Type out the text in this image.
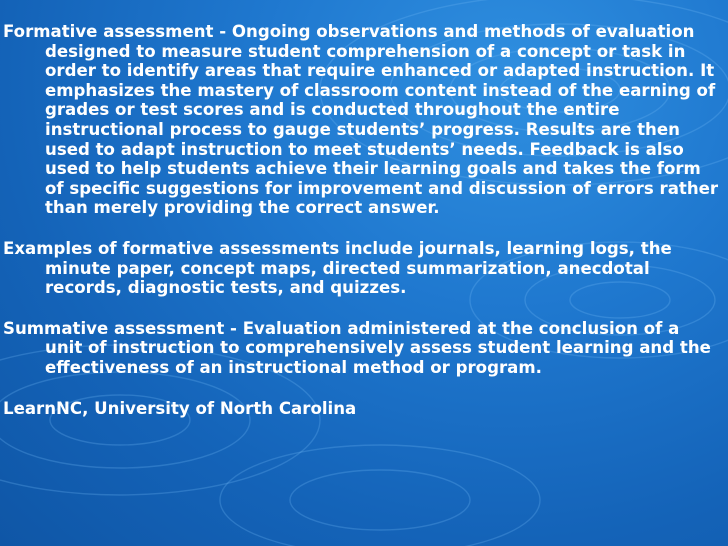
Formative assessment - Ongoing observations and methods of evaluation designed to measure student comprehension of a concept or task in order to identify areas that require enhanced or adapted instruction. It emphasizes the mastery of classroom content instead of the earning of grades or test scores and is conducted throughout the entire instructional process to gauge students’ progress. Results are then used to adapt instruction to meet students’ needs. Feedback is also used to help students achieve their learning goals and takes the form of specific suggestions for improvement and discussion of errors rather than merely providing the correct answer.

Examples of formative assessments include journals, learning logs, the minute paper, concept maps, directed summarization, anecdotal records, diagnostic tests, and quizzes.

Summative assessment - Evaluation administered at the conclusion of a unit of instruction to comprehensively assess student learning and the effectiveness of an instructional method or program.

LearnNC, University of North Carolina
